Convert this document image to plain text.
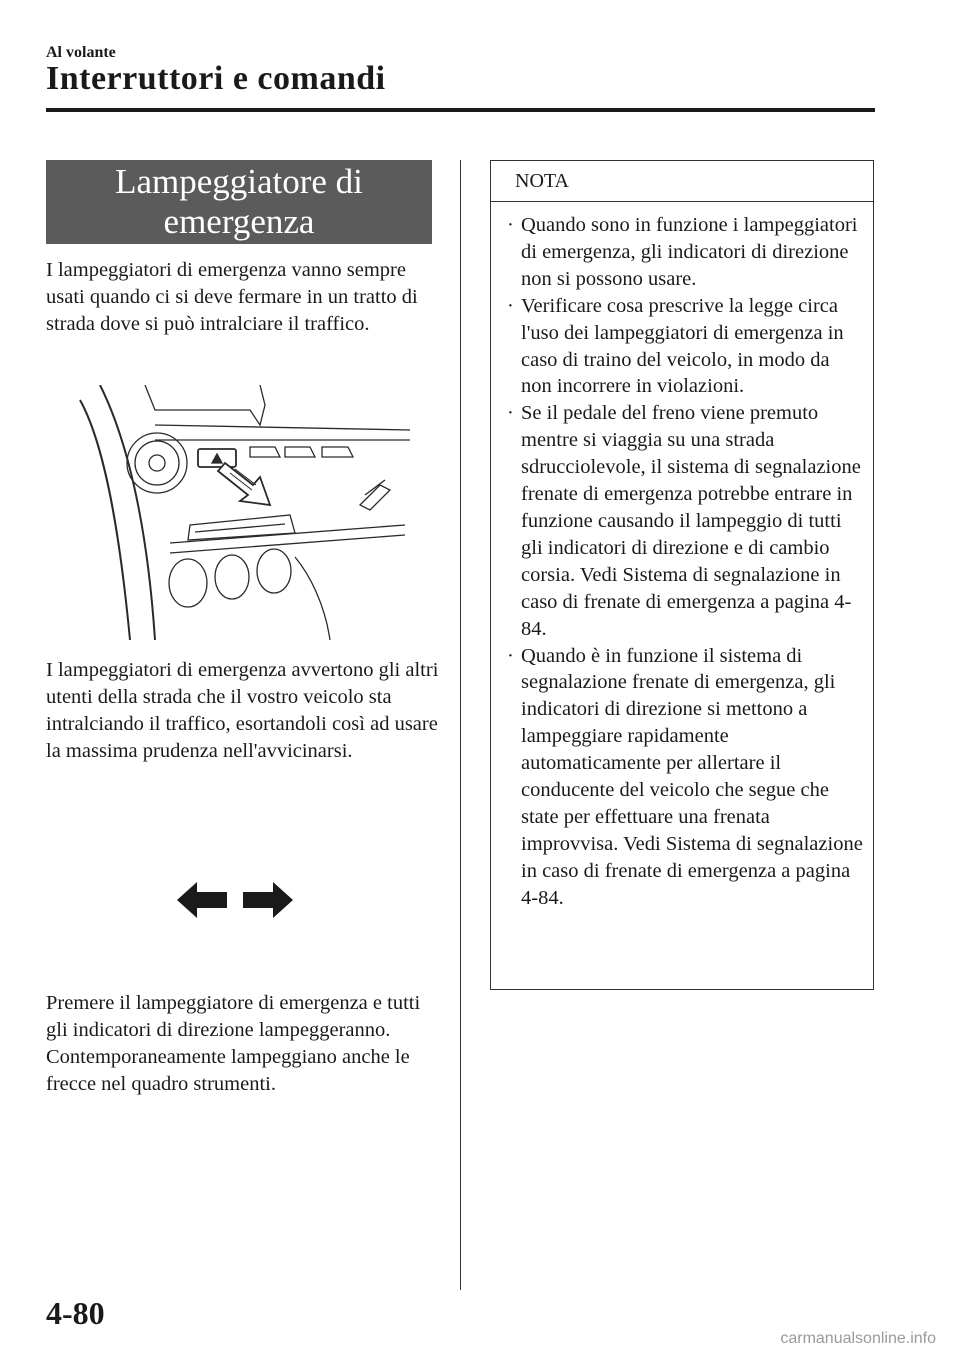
Al volante
Interruttori e comandi
Lampeggiatore di emergenza
I lampeggiatori di emergenza vanno sempre usati quando ci si deve fermare in un tratto di strada dove si può intralciare il traffico.
I lampeggiatori di emergenza avvertono gli altri utenti della strada che il vostro veicolo sta intralciando il traffico, esortandoli così ad usare la massima prudenza nell'avvicinarsi.
Premere il lampeggiatore di emergenza e tutti gli indicatori di direzione lampeggeranno. Contemporaneamente lampeggiano anche le frecce nel quadro strumenti.
NOTA
· Quando sono in funzione i lampeggiatori di emergenza, gli indicatori di direzione non si possono usare.
· Verificare cosa prescrive la legge circa l'uso dei lampeggiatori di emergenza in caso di traino del veicolo, in modo da non incorrere in violazioni.
· Se il pedale del freno viene premuto mentre si viaggia su una strada sdrucciolevole, il sistema di segnalazione frenate di emergenza potrebbe entrare in funzione causando il lampeggio di tutti gli indicatori di direzione e di cambio corsia. Vedi Sistema di segnalazione in caso di frenate di emergenza a pagina 4-84.
· Quando è in funzione il sistema di segnalazione frenate di emergenza, gli indicatori di direzione si mettono a lampeggiare rapidamente automaticamente per allertare il conducente del veicolo che segue che state per effettuare una frenata improvvisa. Vedi Sistema di segnalazione in caso di frenate di emergenza a pagina 4-84.
4-80
carmanualsonline.info
